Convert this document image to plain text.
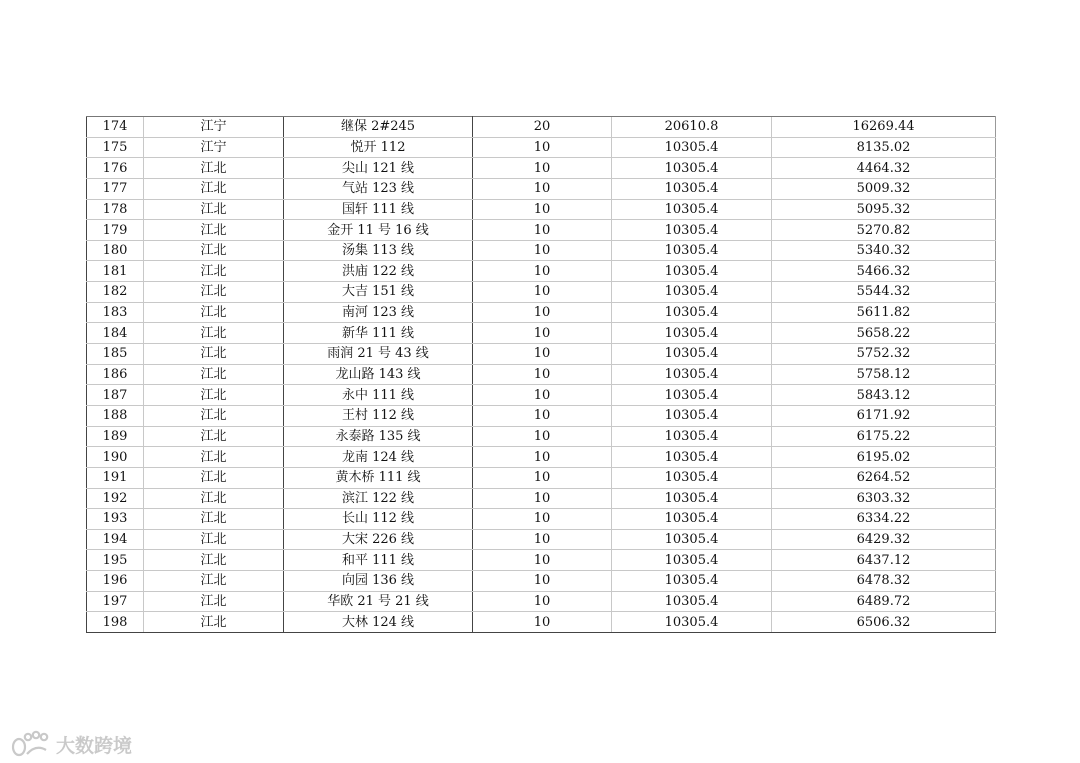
174	江宁	继保 2#245	20	20610.8	16269.44
175	江宁	悦开 112	10	10305.4	8135.02
176	江北	尖山 121 线	10	10305.4	4464.32
177	江北	气站 123 线	10	10305.4	5009.32
178	江北	国轩 111 线	10	10305.4	5095.32
179	江北	金开 11 号 16 线	10	10305.4	5270.82
180	江北	汤集 113 线	10	10305.4	5340.32
181	江北	洪庙 122 线	10	10305.4	5466.32
182	江北	大吉 151 线	10	10305.4	5544.32
183	江北	南河 123 线	10	10305.4	5611.82
184	江北	新华 111 线	10	10305.4	5658.22
185	江北	雨润 21 号 43 线	10	10305.4	5752.32
186	江北	龙山路 143 线	10	10305.4	5758.12
187	江北	永中 111 线	10	10305.4	5843.12
188	江北	王村 112 线	10	10305.4	6171.92
189	江北	永泰路 135 线	10	10305.4	6175.22
190	江北	龙南 124 线	10	10305.4	6195.02
191	江北	黄木桥 111 线	10	10305.4	6264.52
192	江北	滨江 122 线	10	10305.4	6303.32
193	江北	长山 112 线	10	10305.4	6334.22
194	江北	大宋 226 线	10	10305.4	6429.32
195	江北	和平 111 线	10	10305.4	6437.12
196	江北	向园 136 线	10	10305.4	6478.32
197	江北	华欧 21 号 21 线	10	10305.4	6489.72
198	江北	大林 124 线	10	10305.4	6506.32
大数跨境
